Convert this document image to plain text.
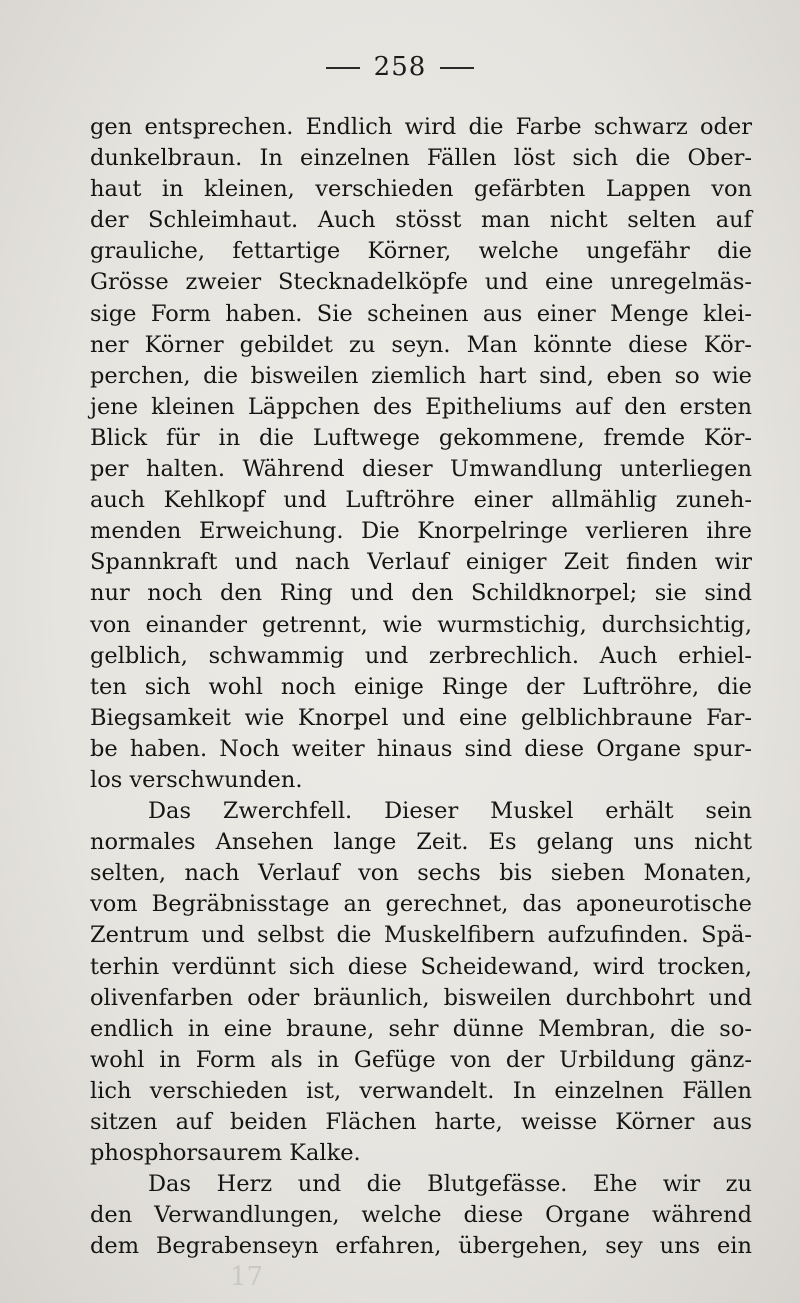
258
gen entsprechen. Endlich wird die Farbe schwarz oder
dunkelbraun. In einzelnen Fällen löst sich die Ober-
haut in kleinen, verschieden gefärbten Lappen von
der Schleimhaut. Auch stösst man nicht selten auf
grauliche, fettartige Körner, welche ungefähr die
Grösse zweier Stecknadelköpfe und eine unregelmäs-
sige Form haben. Sie scheinen aus einer Menge klei-
ner Körner gebildet zu seyn. Man könnte diese Kör-
perchen, die bisweilen ziemlich hart sind, eben so wie
jene kleinen Läppchen des Epitheliums auf den ersten
Blick für in die Luftwege gekommene, fremde Kör-
per halten. Während dieser Umwandlung unterliegen
auch Kehlkopf und Luftröhre einer allmählig zuneh-
menden Erweichung. Die Knorpelringe verlieren ihre
Spannkraft und nach Verlauf einiger Zeit finden wir
nur noch den Ring und den Schildknorpel; sie sind
von einander getrennt, wie wurmstichig, durchsichtig,
gelblich, schwammig und zerbrechlich. Auch erhiel-
ten sich wohl noch einige Ringe der Luftröhre, die
Biegsamkeit wie Knorpel und eine gelblichbraune Far-
be haben. Noch weiter hinaus sind diese Organe spur-
los verschwunden.
Das Zwerchfell. Dieser Muskel erhält sein
normales Ansehen lange Zeit. Es gelang uns nicht
selten, nach Verlauf von sechs bis sieben Monaten,
vom Begräbnisstage an gerechnet, das aponeurotische
Zentrum und selbst die Muskelfibern aufzufinden. Spä-
terhin verdünnt sich diese Scheidewand, wird trocken,
olivenfarben oder bräunlich, bisweilen durchbohrt und
endlich in eine braune, sehr dünne Membran, die so-
wohl in Form als in Gefüge von der Urbildung gänz-
lich verschieden ist, verwandelt. In einzelnen Fällen
sitzen auf beiden Flächen harte, weisse Körner aus
phosphorsaurem Kalke.
Das Herz und die Blutgefässe. Ehe wir zu
den Verwandlungen, welche diese Organe während
dem Begrabenseyn erfahren, übergehen, sey uns ein
17
